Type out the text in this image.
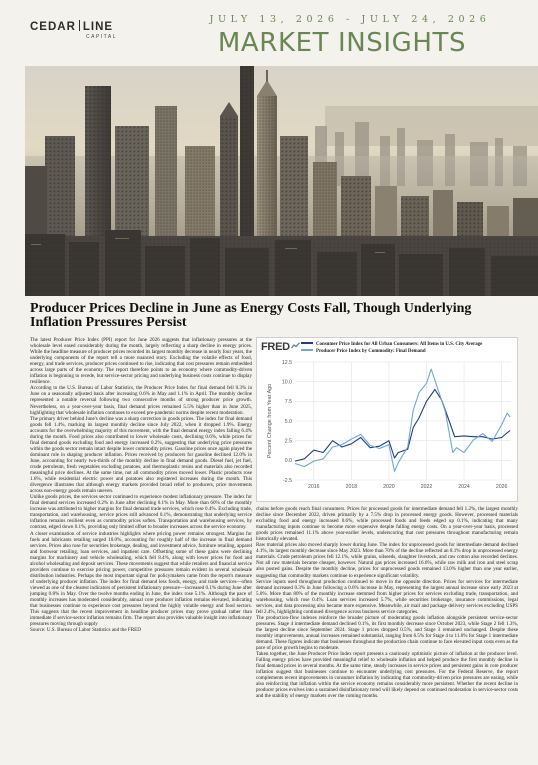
CEDAR LINE
CAPITAL
JULY 13, 2026 - JULY 24, 2026
MARKET INSIGHTS
Producer Prices Decline in June as Energy Costs Fall, Though Underlying Inflation Pressures Persist

The latest Producer Price Index (PPI) report for June 2026 suggests that inflationary pressures at the wholesale level eased considerably during the month, largely reflecting a sharp decline in energy prices. While the headline measure of producer prices recorded its largest monthly decrease in nearly four years, the underlying components of the report tell a more nuanced story. Excluding the volatile effects of food, energy, and trade services, producer prices continued to rise, indicating that cost pressures remain embedded across large parts of the economy. The report therefore points to an economy where commodity-driven inflation is beginning to recede, but service-sector pricing and underlying business costs continue to display resilience.

According to the U.S. Bureau of Labor Statistics, the Producer Price Index for final demand fell 0.3% in June on a seasonally adjusted basis after increasing 0.6% in May and 1.1% in April. The monthly decline represented a notable reversal following two consecutive months of strong producer price growth. Nevertheless, on a year-over-year basis, final demand prices remained 5.5% higher than in June 2025, highlighting that wholesale inflation continues to exceed pre-pandemic norms despite recent moderation.

The primary driver behind June's decline was a sharp correction in goods prices. The index for final demand goods fell 1.4%, marking its largest monthly decline since July 2022, when it dropped 1.9%. Energy accounts for the overwhelming majority of this movement, with the final demand energy index falling 6.4% during the month. Food prices also contributed to lower wholesale costs, declining 0.6%, while prices for final demand goods excluding food and energy increased 0.2%, suggesting that underlying price pressures within the goods sector remain intact despite lower commodity prices. Gasoline prices once again played the dominant role in shaping producer inflation. Prices received by producers for gasoline declined 12.0% in June, accounting for nearly two-thirds of the monthly decline in final demand goods. Diesel fuel, jet fuel, crude petroleum, fresh vegetables excluding potatoes, and thermoplastic resins and materials also recorded meaningful price declines. At the same time, not all commodity prices moved lower. Plastic products rose 1.6%, while residential electric power and potatoes also registered increases during the month. This divergence illustrates that although energy markets provided broad relief to producers, price movements across non-energy goods remain uneven.

Unlike goods prices, the services sector continued to experience modest inflationary pressure. The index for final demand services increased 0.2% in June after declining 0.1% in May. More than 60% of the monthly increase was attributed to higher margins for final demand trade services, which rose 0.4%. Excluding trade, transportation, and warehousing, service prices still advanced 0.1%, demonstrating that underlying service inflation remains resilient even as commodity prices soften. Transportation and warehousing services, by contrast, edged down 0.1%, providing only limited offset to broader increases across the service economy.

A closer examination of service industries highlights where pricing power remains strongest. Margins for fuels and lubricants retailing surged 10.0%, accounting for roughly half of the increase in final demand services. Prices also rose for securities brokerage, dealing, and investment advice, furniture retailing, apparel and footwear retailing, loan services, and inpatient care. Offsetting some of these gains were declining margins for machinery and vehicle wholesaling, which fell 8.4%, along with lower prices for food and alcohol wholesaling and deposit services. These movements suggest that while retailers and financial service providers continue to exercise pricing power, competitive pressures remain evident in several wholesale distribution industries. Perhaps the most important signal for policymakers came from the report's measure of underlying producer inflation. The index for final demand less foods, energy, and trade services—often viewed as one of the clearest indicators of persistent inflationary pressure—increased 0.1% during June after jumping 0.8% in May. Over the twelve months ending in June, the index rose 5.1%. Although the pace of monthly increases has moderated considerably, annual core producer inflation remains elevated, indicating that businesses continue to experience cost pressures beyond the highly volatile energy and food sectors. This suggests that the recent improvement in headline producer prices may prove gradual rather than immediate if service-sector inflation remains firm. The report also provides valuable insight into inflationary pressures moving through supply

Source: U.S. Bureau of Labor Statistics and the FRED

FRED	Consumer Price Index for All Urban Consumers: All Items in U.S. City Average
Producer Price Index by Commodity: Final Demand
-2.5
0.0
2.5
5.0
7.5
10.0
12.5
2016	2018	2020	2022	2024	2026
Percent Change from Year Ago

chains before goods reach final consumers. Prices for processed goods for intermediate demand fell 1.2%, the largest monthly decline since December 2022, driven primarily by a 7.5% drop in processed energy goods. However, processed materials excluding food and energy increased 0.6%, while processed foods and feeds edged up 0.1%, indicating that many manufacturing inputs continue to become more expensive despite falling energy costs. On a year-over-year basis, processed goods prices remained 11.1% above year-earlier levels, underscoring that cost pressures throughout manufacturing remain historically elevated.

Raw material prices also moved sharply lower during June. The index for unprocessed goods for intermediate demand declined 4.1%, its largest monthly decrease since May 2023. More than 70% of the decline reflected an 8.1% drop in unprocessed energy materials. Crude petroleum prices fell 12.1%, while grains, oilseeds, slaughter livestock, and raw cotton also recorded declines. Not all raw materials became cheaper, however. Natural gas prices increased 16.6%, while raw milk and iron and steel scrap also posted gains. Despite the monthly decline, prices for unprocessed goods remained 13.0% higher than one year earlier, suggesting that commodity markets continue to experience significant volatility.

Service inputs used throughout production continued to move in the opposite direction. Prices for services for intermediate demand increased 0.3% in June following a 0.6% increase in May, representing the largest annual increase since early 2023 at 5.0%. More than 80% of the monthly increase stemmed from higher prices for services excluding trade, transportation, and warehousing, which rose 0.4%. Loan services increased 5.7%, while securities brokerage, insurance commissions, legal services, and data processing also became more expensive. Meanwhile, air mail and package delivery services excluding USPS fell 2.4%, highlighting continued divergence across business service categories.

The production-flow indexes reinforce the broader picture of moderating goods inflation alongside persistent service-sector pressures. Stage 4 intermediate demand declined 0.1%, its first monthly decrease since October 2023, while Stage 2 fell 1.3%, the largest decline since September 2024. Stage 1 prices dropped 0.5%, and Stage 3 remained unchanged. Despite these monthly improvements, annual increases remained substantial, ranging from 6.5% for Stage 4 to 11.0% for Stage 1 intermediate demand. These figures indicate that businesses throughout the production chain continue to face elevated input costs even as the pace of price growth begins to moderate.

Taken together, the June Producer Price Index report presents a cautiously optimistic picture of inflation at the producer level. Falling energy prices have provided meaningful relief to wholesale inflation and helped produce the first monthly decline in final demand prices in several months. At the same time, steady increases in service prices and persistent gains in core producer inflation suggest that businesses continue to encounter underlying cost pressures. For the Federal Reserve, the report complements recent improvements in consumer inflation by indicating that commodity-driven price pressures are easing, while also reinforcing that inflation within the service economy remains considerably more persistent. Whether the recent decline in producer prices evolves into a sustained disinflationary trend will likely depend on continued moderation in service-sector costs and the stability of energy markets over the coming months.
